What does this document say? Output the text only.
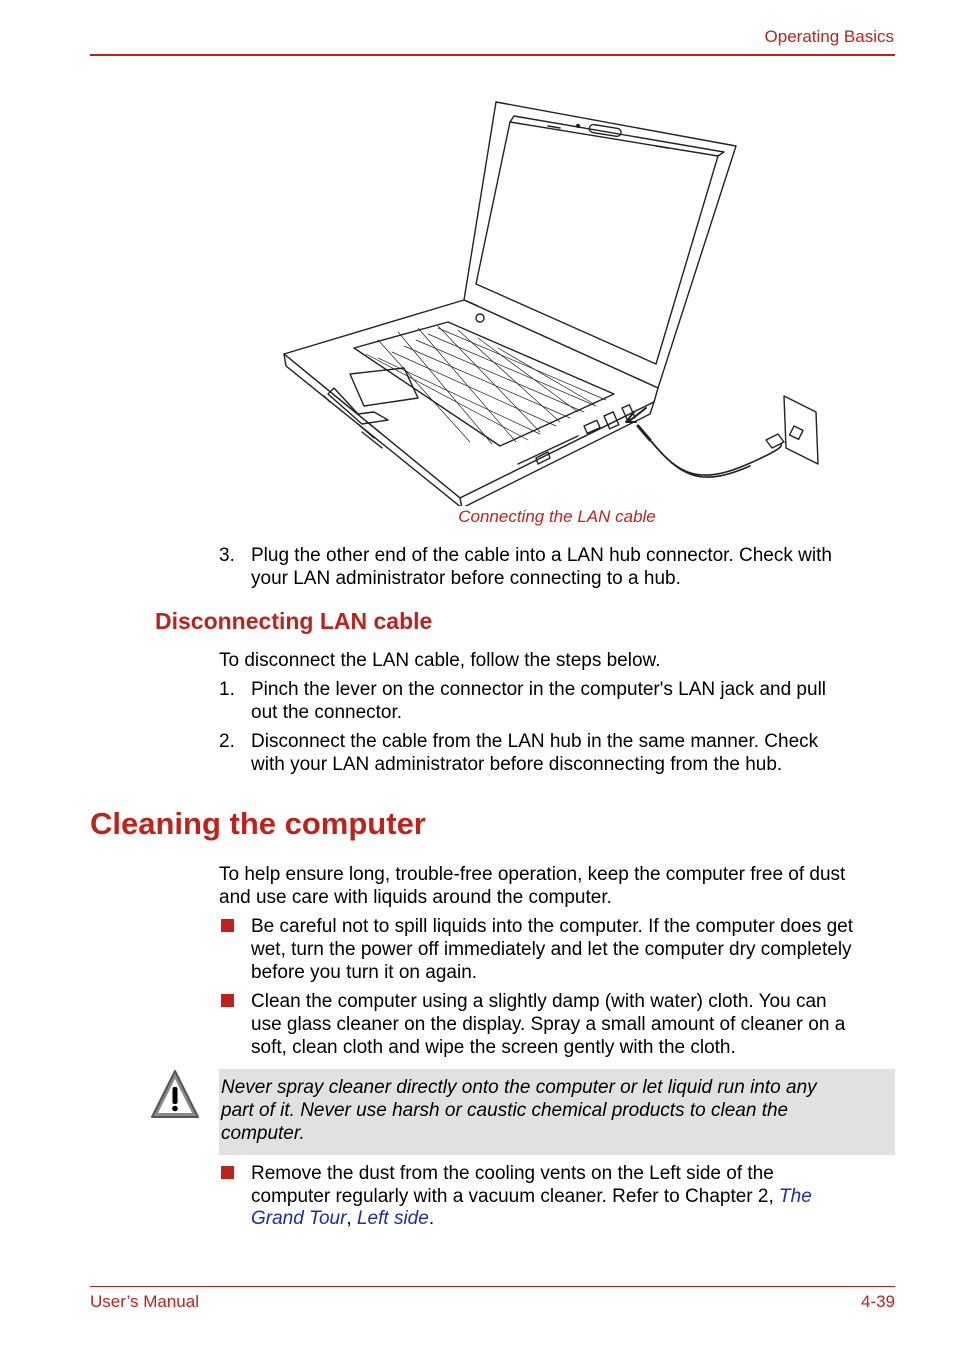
Operating Basics
Connecting the LAN cable
3. Plug the other end of the cable into a LAN hub connector. Check with
your LAN administrator before connecting to a hub.
Disconnecting LAN cable
To disconnect the LAN cable, follow the steps below.
1. Pinch the lever on the connector in the computer's LAN jack and pull
out the connector.
2. Disconnect the cable from the LAN hub in the same manner. Check
with your LAN administrator before disconnecting from the hub.
Cleaning the computer
To help ensure long, trouble-free operation, keep the computer free of dust
and use care with liquids around the computer.
Be careful not to spill liquids into the computer. If the computer does get
wet, turn the power off immediately and let the computer dry completely
before you turn it on again.
Clean the computer using a slightly damp (with water) cloth. You can
use glass cleaner on the display. Spray a small amount of cleaner on a
soft, clean cloth and wipe the screen gently with the cloth.
Never spray cleaner directly onto the computer or let liquid run into any
part of it. Never use harsh or caustic chemical products to clean the
computer.
Remove the dust from the cooling vents on the Left side of the
computer regularly with a vacuum cleaner. Refer to Chapter 2, The
Grand Tour, Left side.
User’s Manual	4-39
